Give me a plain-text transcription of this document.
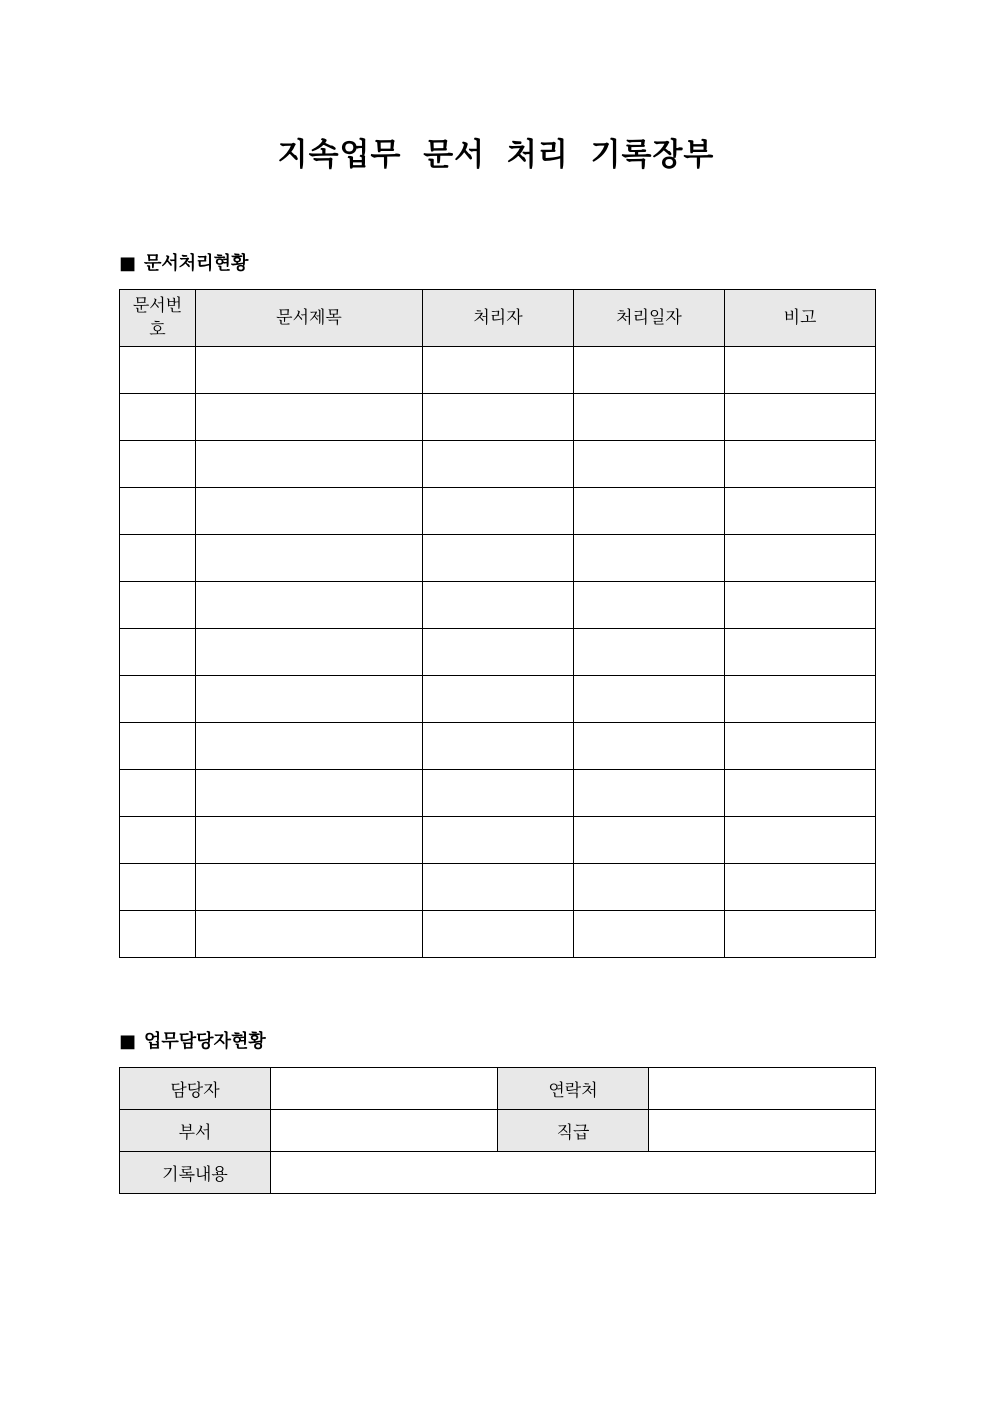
지속업무 문서 처리 기록장부
■ 문서처리현황
문서번호	문서제목	처리자	처리일자	비고

■ 업무담당자현황
담당자		연락처	
부서		직급	
기록내용			
